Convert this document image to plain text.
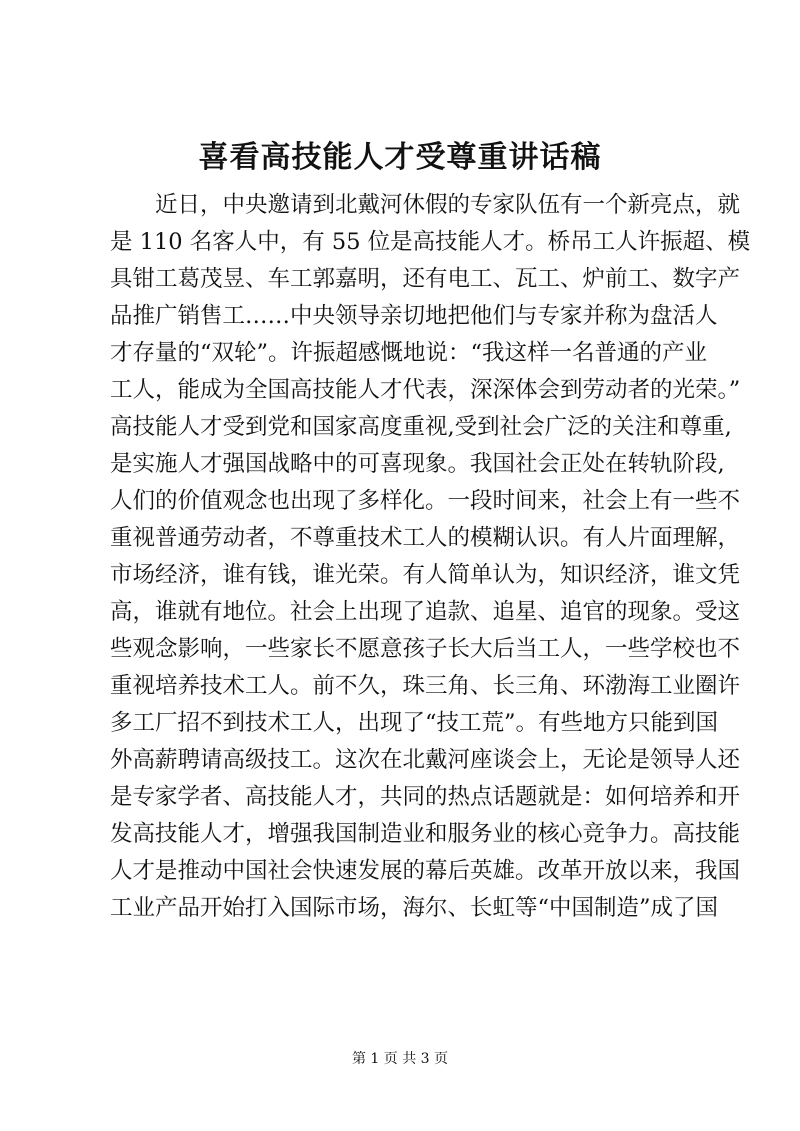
喜看高技能人才受尊重讲话稿
近日，中央邀请到北戴河休假的专家队伍有一个新亮点，就
是 110 名客人中，有 55 位是高技能人才。桥吊工人许振超、模
具钳工葛茂昱、车工郭嘉明，还有电工、瓦工、炉前工、数字产
品推广销售工……中央领导亲切地把他们与专家并称为盘活人
才存量的“双轮”。许振超感慨地说：“我这样一名普通的产业
工人，能成为全国高技能人才代表，深深体会到劳动者的光荣。”
高技能人才受到党和国家高度重视,受到社会广泛的关注和尊重,
是实施人才强国战略中的可喜现象。我国社会正处在转轨阶段,
人们的价值观念也出现了多样化。一段时间来，社会上有一些不
重视普通劳动者，不尊重技术工人的模糊认识。有人片面理解，
市场经济，谁有钱，谁光荣。有人简单认为，知识经济，谁文凭
高，谁就有地位。社会上出现了追款、追星、追官的现象。受这
些观念影响，一些家长不愿意孩子长大后当工人，一些学校也不
重视培养技术工人。前不久，珠三角、长三角、环渤海工业圈许
多工厂招不到技术工人，出现了“技工荒”。有些地方只能到国
外高薪聘请高级技工。这次在北戴河座谈会上，无论是领导人还
是专家学者、高技能人才，共同的热点话题就是：如何培养和开
发高技能人才，增强我国制造业和服务业的核心竞争力。高技能
人才是推动中国社会快速发展的幕后英雄。改革开放以来，我国
工业产品开始打入国际市场，海尔、长虹等“中国制造”成了国
第 1 页 共 3 页
